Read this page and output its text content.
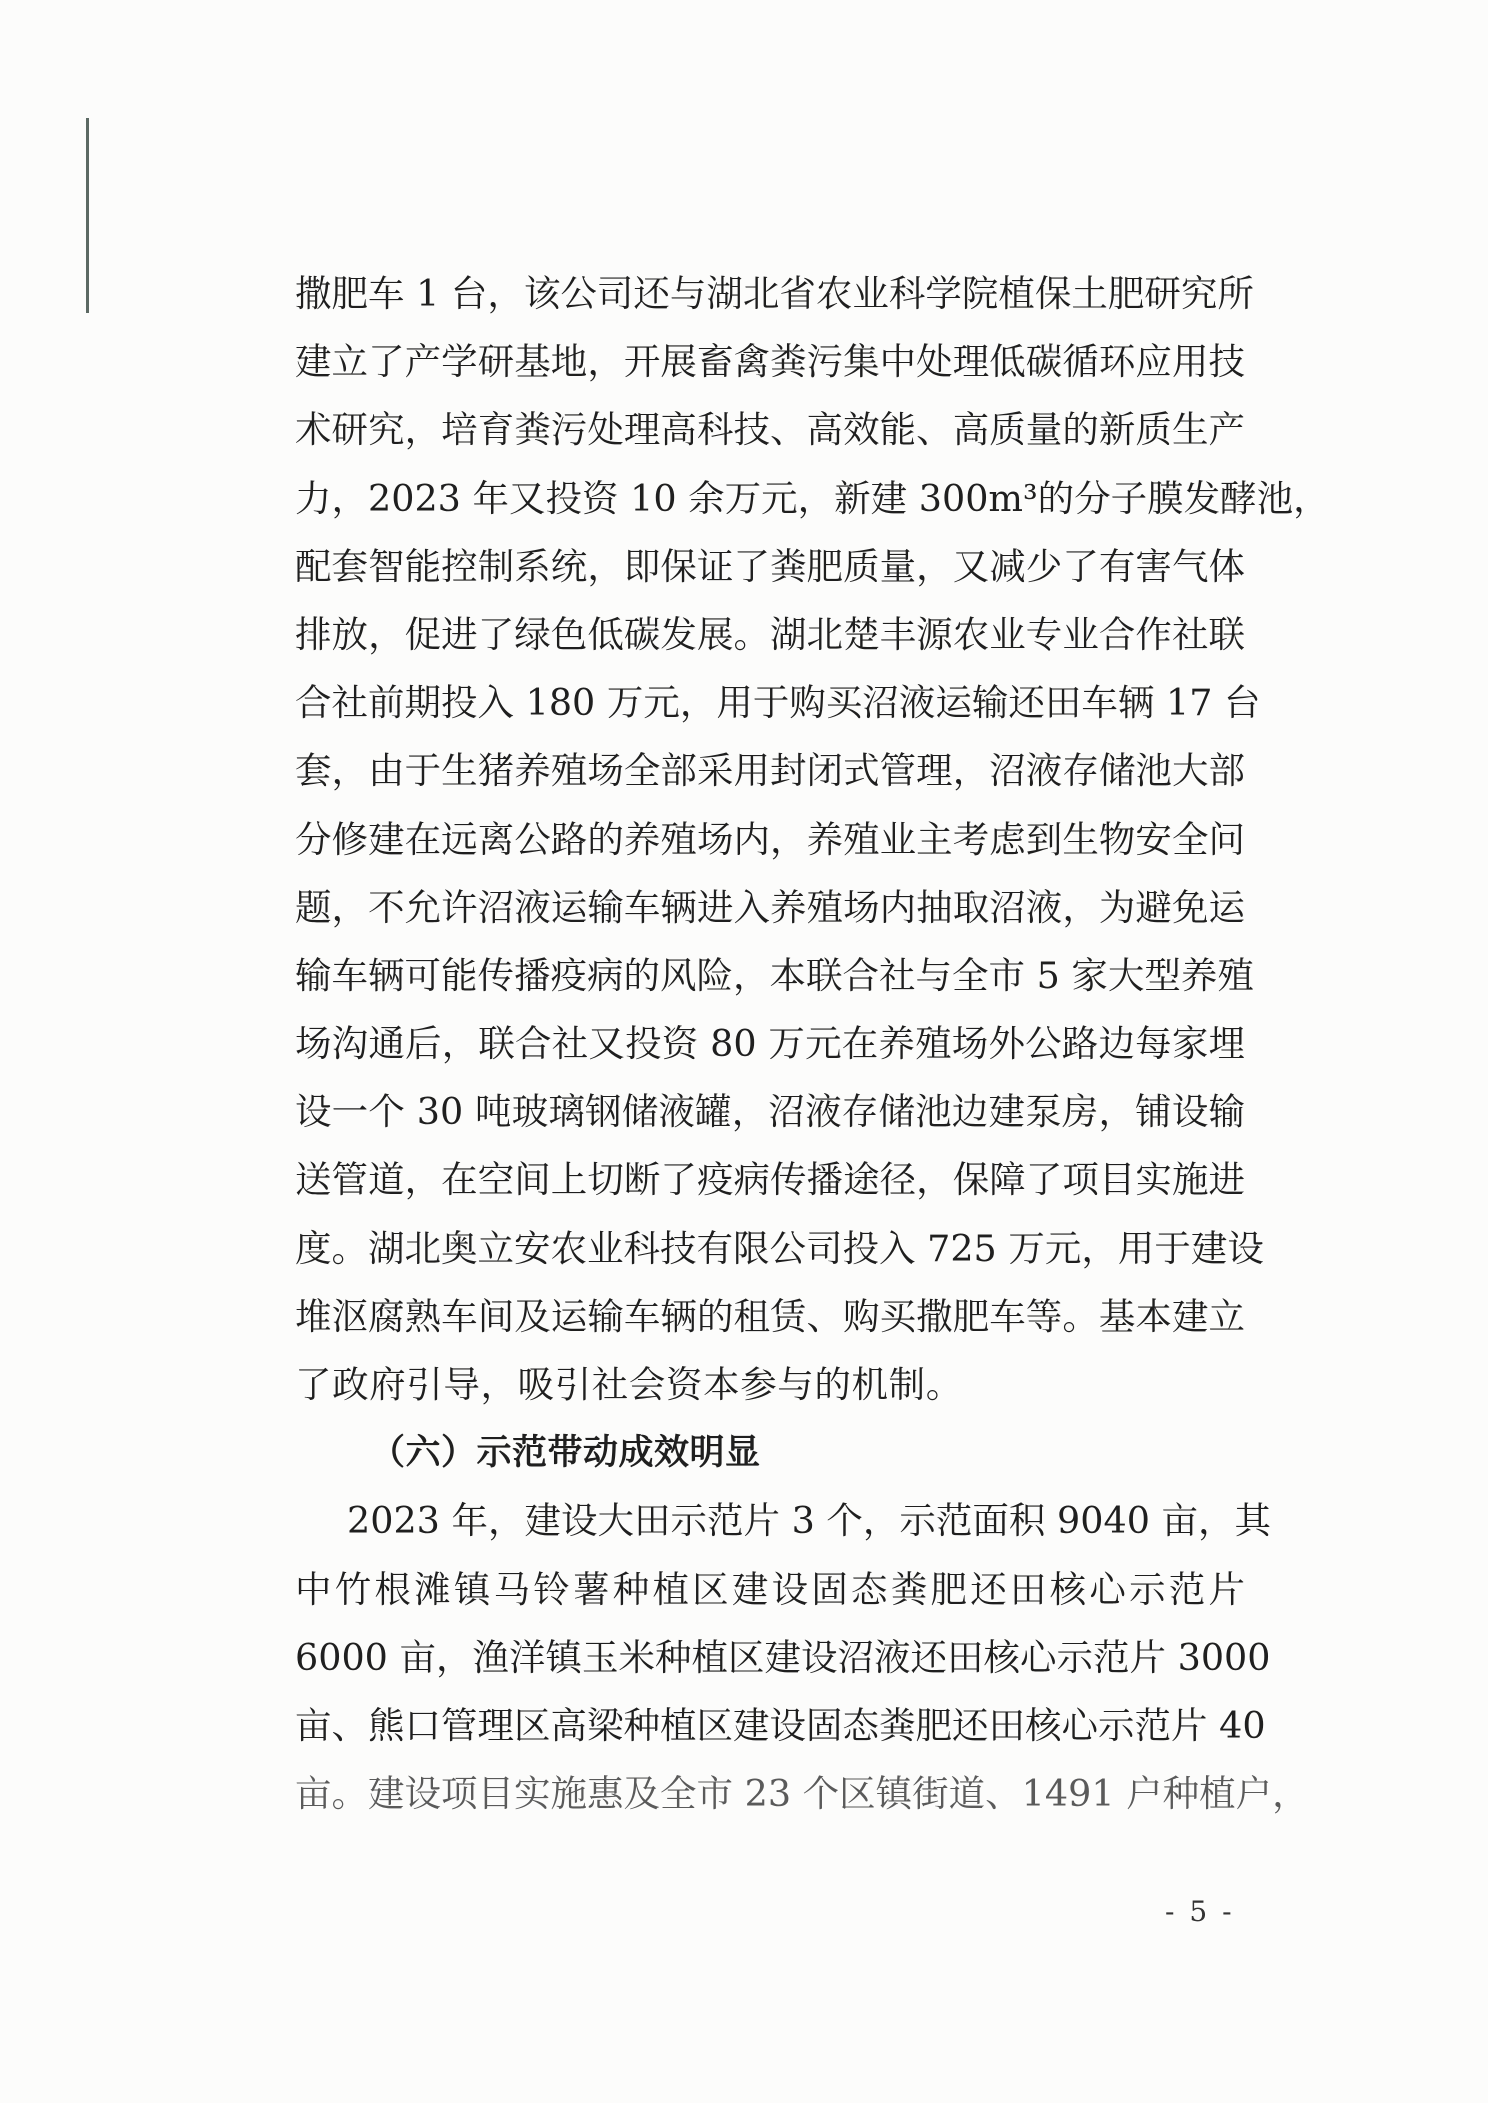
撒肥车 1 台，该公司还与湖北省农业科学院植保土肥研究所
建立了产学研基地，开展畜禽粪污集中处理低碳循环应用技
术研究，培育粪污处理高科技、高效能、高质量的新质生产
力，2023 年又投资 10 余万元，新建 300m³的分子膜发酵池，
配套智能控制系统，即保证了粪肥质量，又减少了有害气体
排放，促进了绿色低碳发展。湖北楚丰源农业专业合作社联
合社前期投入 180 万元，用于购买沼液运输还田车辆 17 台
套，由于生猪养殖场全部采用封闭式管理，沼液存储池大部
分修建在远离公路的养殖场内，养殖业主考虑到生物安全问
题，不允许沼液运输车辆进入养殖场内抽取沼液，为避免运
输车辆可能传播疫病的风险，本联合社与全市 5 家大型养殖
场沟通后，联合社又投资 80 万元在养殖场外公路边每家埋
设一个 30 吨玻璃钢储液罐，沼液存储池边建泵房，铺设输
送管道，在空间上切断了疫病传播途径，保障了项目实施进
度。湖北奥立安农业科技有限公司投入 725 万元，用于建设
堆沤腐熟车间及运输车辆的租赁、购买撒肥车等。基本建立
了政府引导，吸引社会资本参与的机制。
（六）示范带动成效明显
2023 年，建设大田示范片 3 个，示范面积 9040 亩，其
中竹根滩镇马铃薯种植区建设固态粪肥还田核心示范片
6000 亩，渔洋镇玉米种植区建设沼液还田核心示范片 3000
亩、熊口管理区高梁种植区建设固态粪肥还田核心示范片 40
亩。建设项目实施惠及全市 23 个区镇街道、1491 户种植户，
- 5 -
